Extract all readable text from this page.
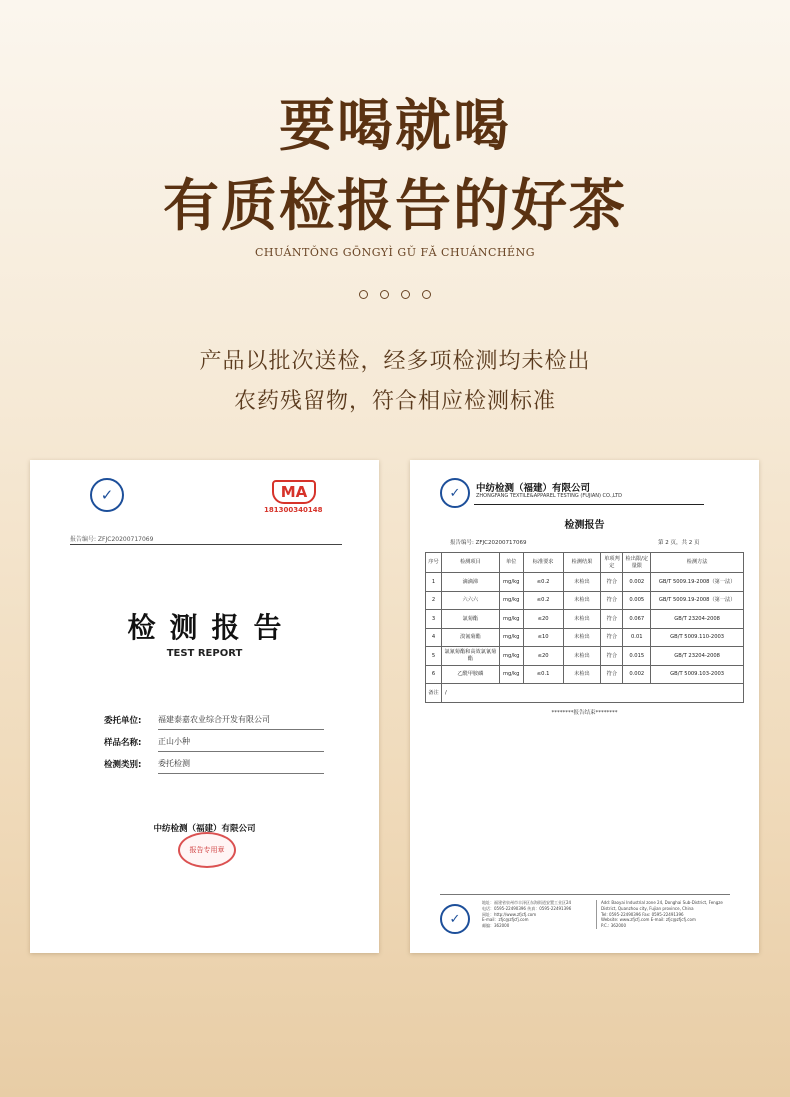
要喝就喝
有质检报告的好茶
CHUÁNTǑNG GŌNGYÌ GǓ FǍ CHUÁNCHÉNG
产品以批次送检，经多项检测均未检出
农药残留物，符合相应检测标准
✓	MA
181300340148
报告编号: ZFJC20200717069
检测报告
TEST REPORT
委托单位: 福建泰嘉农业综合开发有限公司
样品名称: 正山小种
检测类别: 委托检测
中纺检测（福建）有限公司
报告专用章
✓	中纺检测（福建）有限公司
ZHONGFANG TEXTILE&APPAREL TESTING (FUJIAN) CO.,LTD
检测报告
报告编号: ZFJC20200717069	第 2 页，共 2 页
序号	检测项目	单位	标准要求	检测结果	单项判定	检出限/定量限	检测方法
1	滴滴涕	mg/kg	≤0.2	未检出	符合	0.002	GB/T 5009.19-2008（第一法）
2	六六六	mg/kg	≤0.2	未检出	符合	0.005	GB/T 5009.19-2008（第一法）
3	氯菊酯	mg/kg	≤20	未检出	符合	0.067	GB/T 23204-2008
4	溴氰菊酯	mg/kg	≤10	未检出	符合	0.01	GB/T 5009.110-2003
5	氯氰菊酯和高效氯氰菊酯	mg/kg	≤20	未检出	符合	0.015	GB/T 23204-2008
6	乙酰甲胺磷	mg/kg	≤0.1	未检出	符合	0.002	GB/T 5009.103-2003
备注	/						
********报告结束********
✓
地址：福建省泉州市丰泽区东海街道安置工业区24
电话：0595-22490396 传真：0595-22491396
网址：http://www.zfjcfj.com
E-mail：zfjc@zfjcfj.com
邮编：362000
Add: Baoyai Industrial zone 24, Donghai Sub-District, Fengze
District, Quanzhou city, Fujian province, China
Tel: 0595-22490396 Fax: 0595-22491396
Website: www.zfjcfj.com E-mail: zfjc@zfjcfj.com
P.C.: 362000
